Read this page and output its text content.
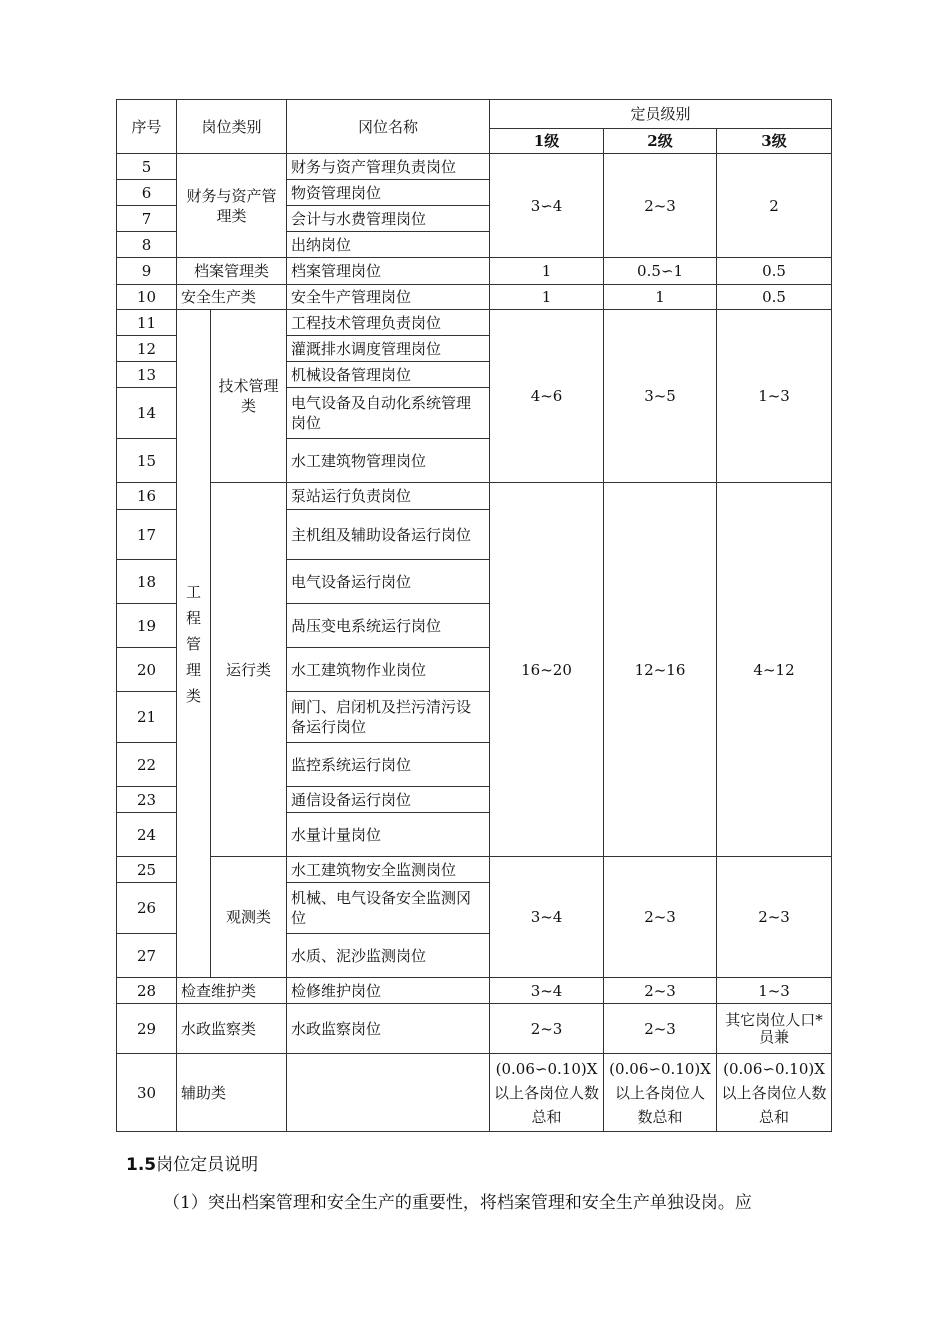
序号	岗位类别		冈位名称	定员级别		
				1级	2级	3级
5	财务与资产管理类		财务与资产管理负责岗位	3∽4	2~3	2
6			物资管理岗位			
7			会计与水费管理岗位			
8			出纳岗位			
9	档案管理类		档案管理岗位	1	0.5∽1	0.5
10	安全生产类		安全牛产管理岗位	1	1	0.5
11	工程管理类	技术管理类	工程技术管理负责岗位	4~6	3~5	1~3
12			灌溉排水调度管理岗位			
13			机械设备管理岗位			
14			电气设备及自动化系统管理岗位			
15			水工建筑物管理岗位			
16		运行类	泵站运行负责岗位	16~20	12~16	4~12
17			主机组及辅助设备运行岗位			
18			电气设备运行岗位			
19			咼压变电系统运行岗位			
20			水工建筑物作业岗位			
21			闸门、启闭机及拦污清污设备运行岗位			
22			监控系统运行岗位			
23			通信设备运行岗位			
24			水量计量岗位			
25		观测类	水工建筑物安全监测岗位	3~4	2~3	2~3
26			机械、电气设备安全监测冈位			
27			水质、泥沙监测岗位			
28	检查维护类		检修维护岗位	3~4	2~3	1~3
29	水政监察类		水政监察岗位	2~3	2~3	其它岗位人口*员兼
30	辅助类			(0.06∽0.10)X以上各岗位人数总和	(0.06∽0.10)X以上各岗位人数总和	(0.06∽0.10)X以上各岗位人数总和
1.5岗位定员说明
（1）突出档案管理和安全生产的重要性，将档案管理和安全生产单独设岗。应
